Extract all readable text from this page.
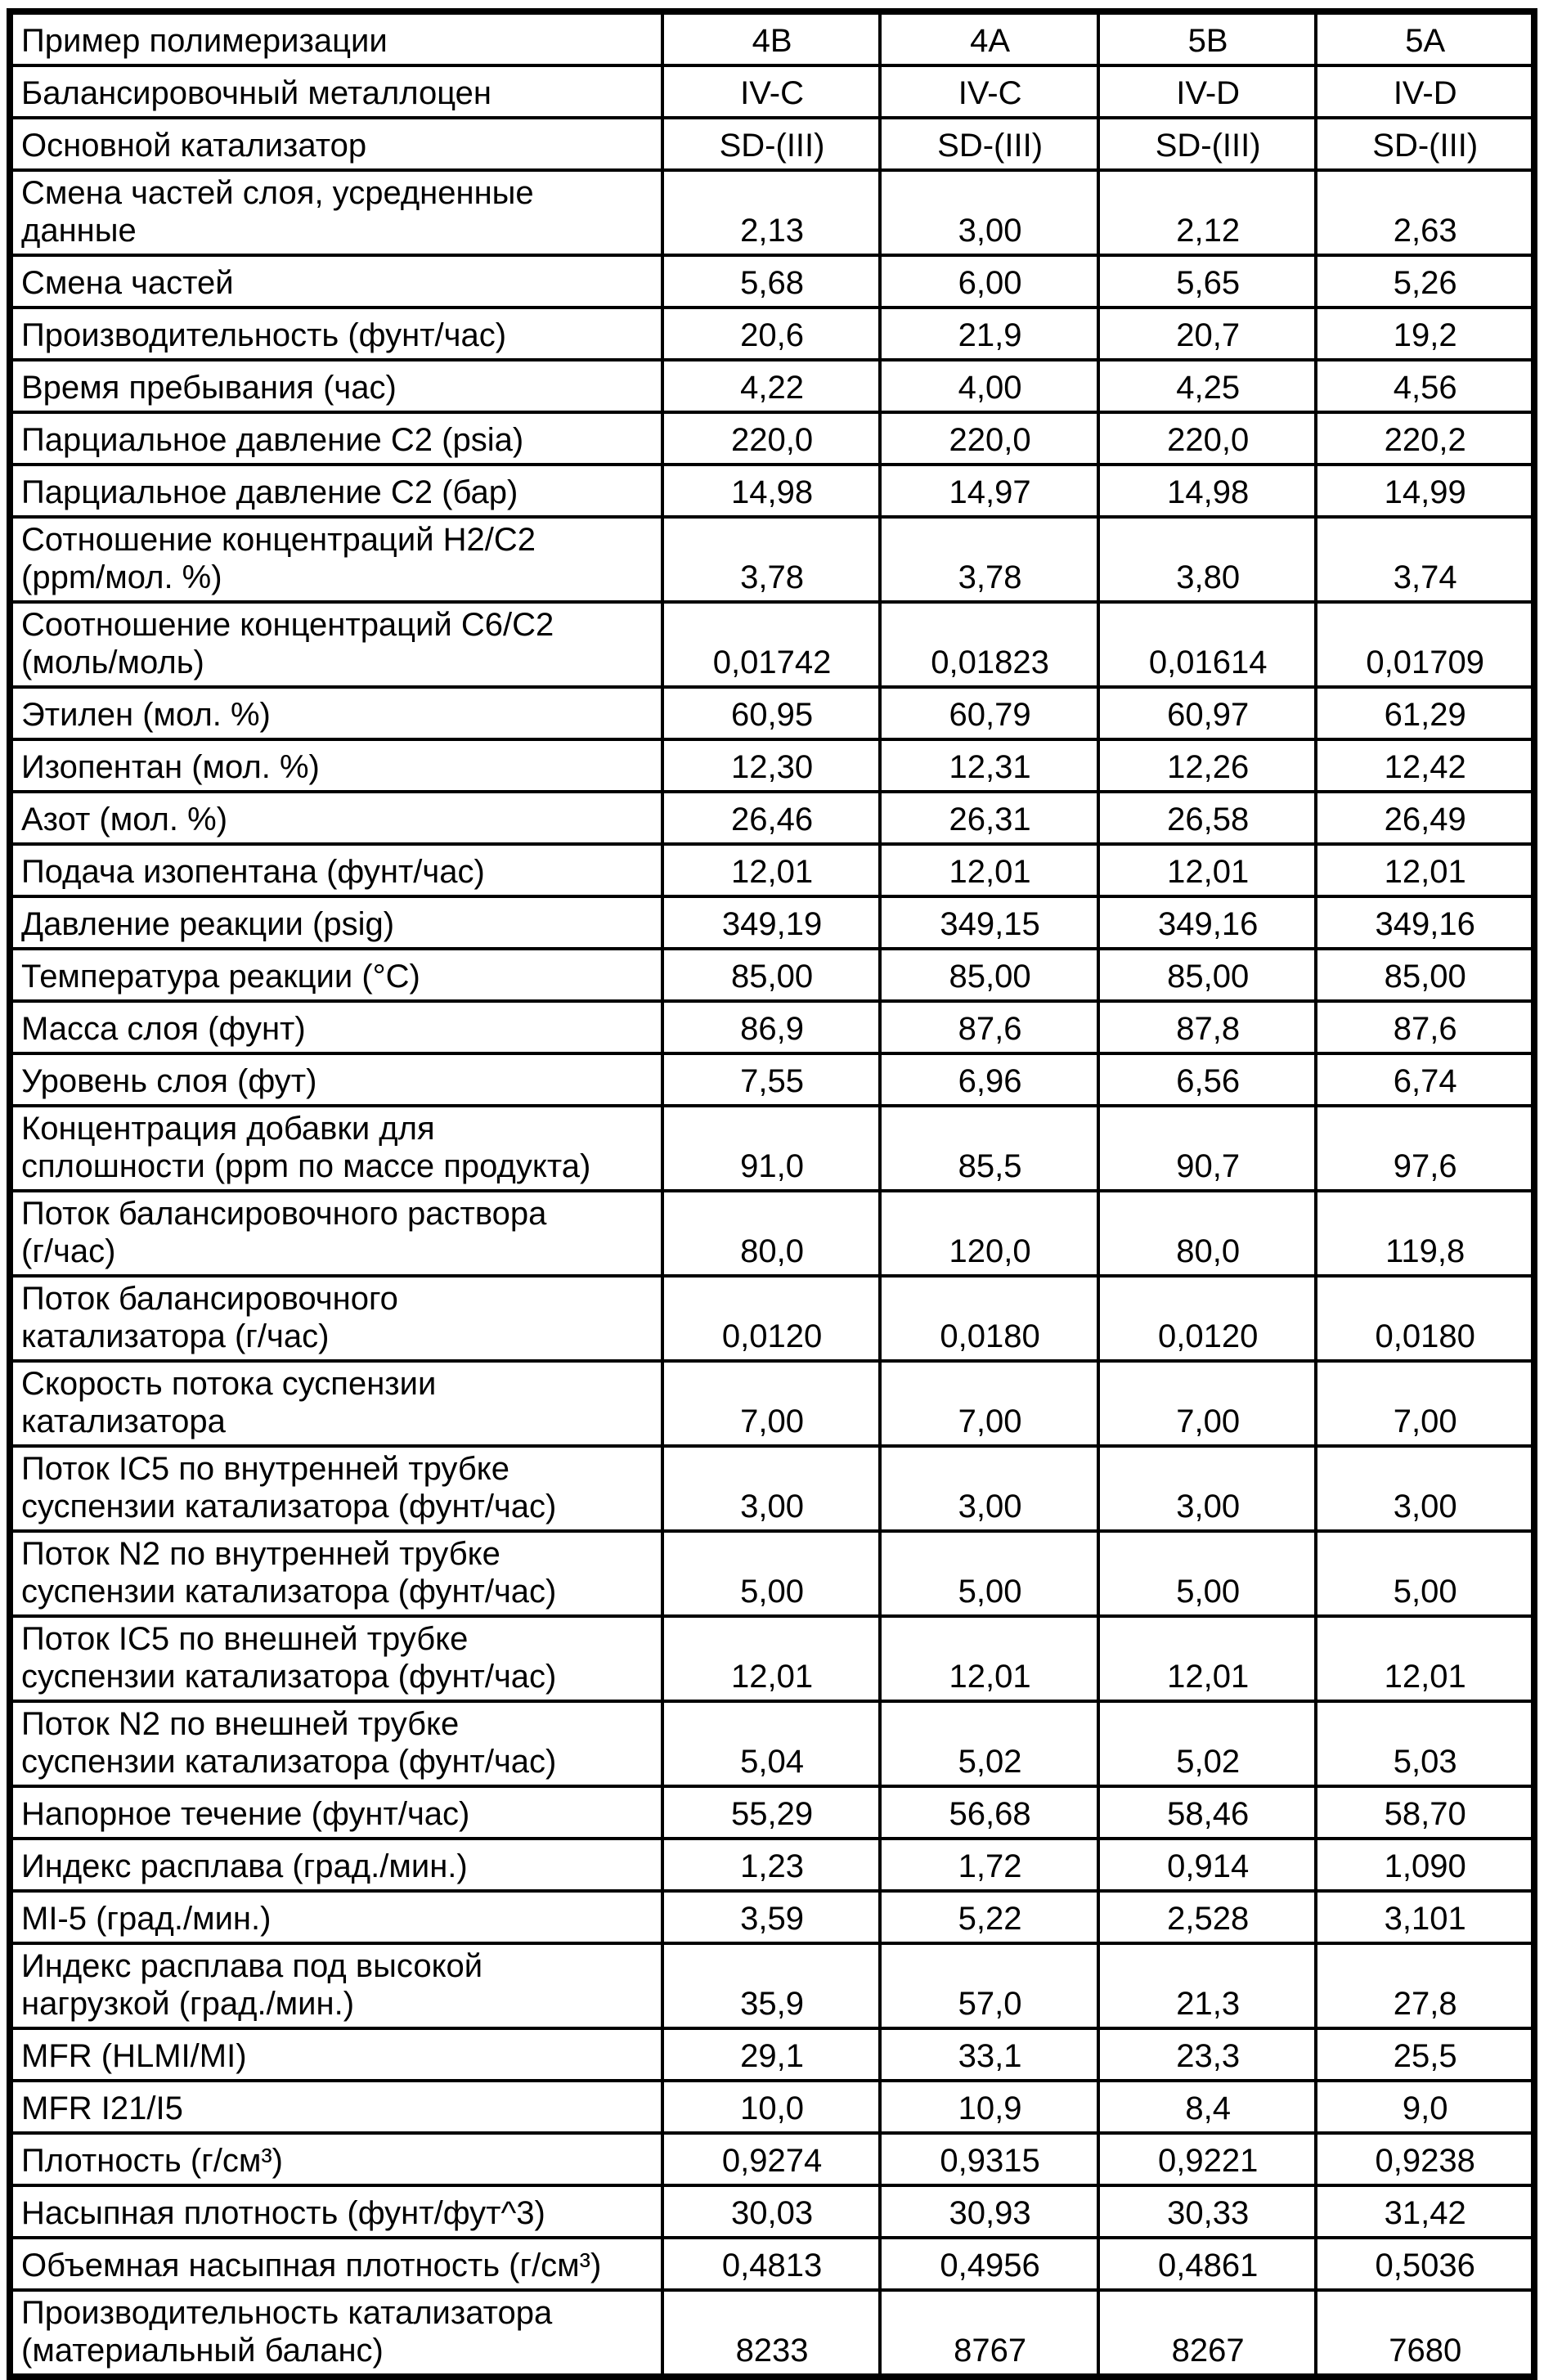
Пример полимеризации	4B	4A	5B	5A
Балансировочный металлоцен	IV-C	IV-C	IV-D	IV-D
Основной катализатор	SD-(III)	SD-(III)	SD-(III)	SD-(III)
Смена частей слоя, усредненные
данные	2,13	3,00	2,12	2,63
Смена частей	5,68	6,00	5,65	5,26
Производительность (фунт/час)	20,6	21,9	20,7	19,2
Время пребывания (час)	4,22	4,00	4,25	4,56
Парциальное давление C2 (psia)	220,0	220,0	220,0	220,2
Парциальное давление C2 (бар)	14,98	14,97	14,98	14,99
Сотношение концентраций H2/C2
(ppm/мол. %)	3,78	3,78	3,80	3,74
Соотношение концентраций C6/C2
(моль/моль)	0,01742	0,01823	0,01614	0,01709
Этилен (мол. %)	60,95	60,79	60,97	61,29
Изопентан (мол. %)	12,30	12,31	12,26	12,42
Азот (мол. %)	26,46	26,31	26,58	26,49
Подача изопентана (фунт/час)	12,01	12,01	12,01	12,01
Давление реакции (psig)	349,19	349,15	349,16	349,16
Температура реакции (°C)	85,00	85,00	85,00	85,00
Масса слоя (фунт)	86,9	87,6	87,8	87,6
Уровень слоя (фут)	7,55	6,96	6,56	6,74
Концентрация добавки для
сплошности (ppm по массе продукта)	91,0	85,5	90,7	97,6
Поток балансировочного раствора
(г/час)	80,0	120,0	80,0	119,8
Поток балансировочного
катализатора (г/час)	0,0120	0,0180	0,0120	0,0180
Скорость потока суспензии
катализатора	7,00	7,00	7,00	7,00
Поток IC5 по внутренней трубке
суспензии катализатора (фунт/час)	3,00	3,00	3,00	3,00
Поток N2 по внутренней трубке
суспензии катализатора (фунт/час)	5,00	5,00	5,00	5,00
Поток IC5 по внешней трубке
суспензии катализатора (фунт/час)	12,01	12,01	12,01	12,01
Поток N2 по внешней трубке
суспензии катализатора (фунт/час)	5,04	5,02	5,02	5,03
Напорное течение (фунт/час)	55,29	56,68	58,46	58,70
Индекс расплава (град./мин.)	1,23	1,72	0,914	1,090
MI-5 (град./мин.)	3,59	5,22	2,528	3,101
Индекс расплава под высокой
нагрузкой (град./мин.)	35,9	57,0	21,3	27,8
MFR (HLMI/MI)	29,1	33,1	23,3	25,5
MFR I21/I5	10,0	10,9	8,4	9,0
Плотность (г/см³)	0,9274	0,9315	0,9221	0,9238
Насыпная плотность (фунт/фут^3)	30,03	30,93	30,33	31,42
Объемная насыпная плотность (г/см³)	0,4813	0,4956	0,4861	0,5036
Производительность катализатора
(материальный баланс)	8233	8767	8267	7680
